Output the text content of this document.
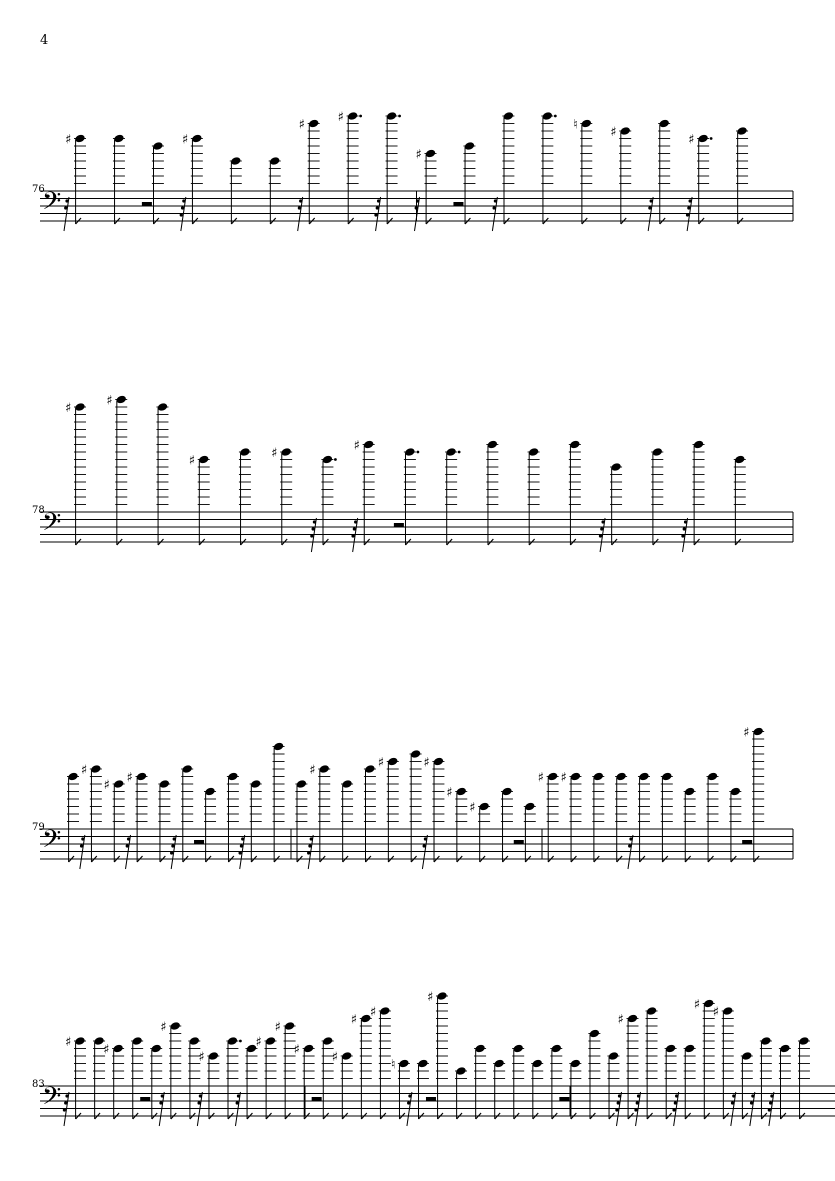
4
76
78
79
83
𝄢
♯	♯
♯	♯
♯
♮ ♯	♯
𝄢
♯	♯
♯	♯	♯
𝄢
♯
♯ ♯	♯	♯	♯
♯
♯
♯ ♯
♯
𝄢
♯ ♯
♯
♯
♯
♯
♯ ♯
♯ ♯
♮
♯
♯
♯ ♯
